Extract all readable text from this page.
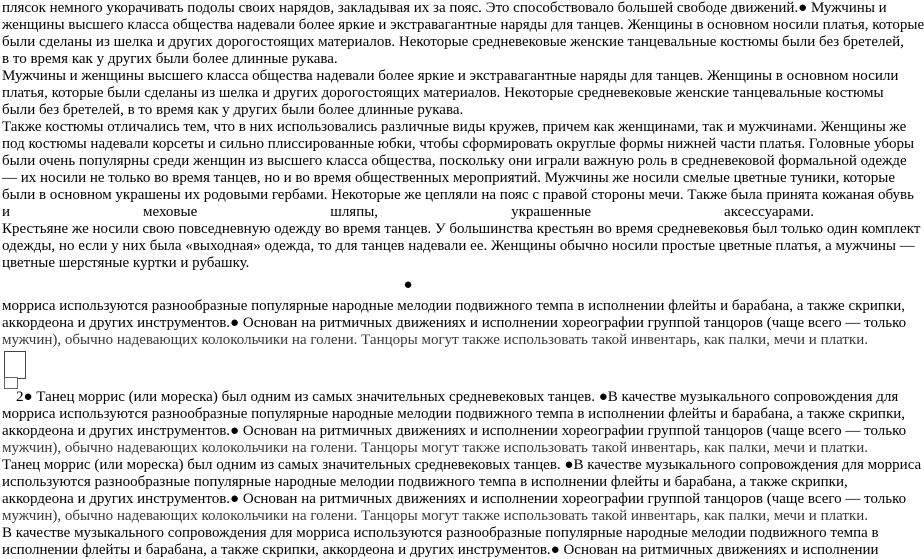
плясок немного укорачивать подолы своих нарядов, закладывая их за пояс. Это способствовало большей свободе движений.● Мужчины и
женщины высшего класса общества надевали более яркие и экстравагантные наряды для танцев. Женщины в основном носили платья, которые
были сделаны из шелка и других дорогостоящих материалов. Некоторые средневековые женские танцевальные костюмы были без бретелей,
в то время как у других были более длинные рукава.
Мужчины и женщины высшего класса общества надевали более яркие и экстравагантные наряды для танцев. Женщины в основном носили
платья, которые были сделаны из шелка и других дорогостоящих материалов. Некоторые средневековые женские танцевальные костюмы
были без бретелей, в то время как у других были более длинные рукава.
Также костюмы отличались тем, что в них использовались различные виды кружев, причем как женщинами, так и мужчинами. Женщины же
под костюмы надевали корсеты и сильно плиссированные юбки, чтобы сформировать округлые формы нижней части платья. Головные уборы
были очень популярны среди женщин из высшего класса общества, поскольку они играли важную роль в средневековой формальной одежде
— их носили не только во время танцев, но и во время общественных мероприятий. Мужчины же носили смелые цветные туники, которые
были в основном украшены их родовыми гербами. Некоторые же цепляли на пояс с правой стороны мечи. Также была принята кожаная обувь
и меховые шляпы, украшенные аксессуарами.
Крестьяне же носили свою повседневную одежду во время танцев. У большинства крестьян во время средневековья был только один комплект
одежды, но если у них была «выходная» одежда, то для танцев надевали ее. Женщины обычно носили простые цветные платья, а мужчины —
цветные шерстяные куртки и рубашку.
●
морриса используются разнообразные популярные народные мелодии подвижного темпа в исполнении флейты и барабана, а также скрипки,
аккордеона и других инструментов.● Основан на ритмичных движениях и исполнении хореографии группой танцоров (чаще всего — только
мужчин), обычно надевающих колокольчики на голени. Танцоры могут также использовать такой инвентарь, как палки, мечи и платки.
2● Танец моррис (или мореска) был одним из самых значительных средневековых танцев. ●В качестве музыкального сопровождения для
морриса используются разнообразные популярные народные мелодии подвижного темпа в исполнении флейты и барабана, а также скрипки,
аккордеона и других инструментов.● Основан на ритмичных движениях и исполнении хореографии группой танцоров (чаще всего — только
мужчин), обычно надевающих колокольчики на голени. Танцоры могут также использовать такой инвентарь, как палки, мечи и платки.
Танец моррис (или мореска) был одним из самых значительных средневековых танцев. ●В качестве музыкального сопровождения для морриса
используются разнообразные популярные народные мелодии подвижного темпа в исполнении флейты и барабана, а также скрипки,
аккордеона и других инструментов.● Основан на ритмичных движениях и исполнении хореографии группой танцоров (чаще всего — только
мужчин), обычно надевающих колокольчики на голени. Танцоры могут также использовать такой инвентарь, как палки, мечи и платки.
В качестве музыкального сопровождения для морриса используются разнообразные популярные народные мелодии подвижного темпа в
исполнении флейты и барабана, а также скрипки, аккордеона и других инструментов.● Основан на ритмичных движениях и исполнении
